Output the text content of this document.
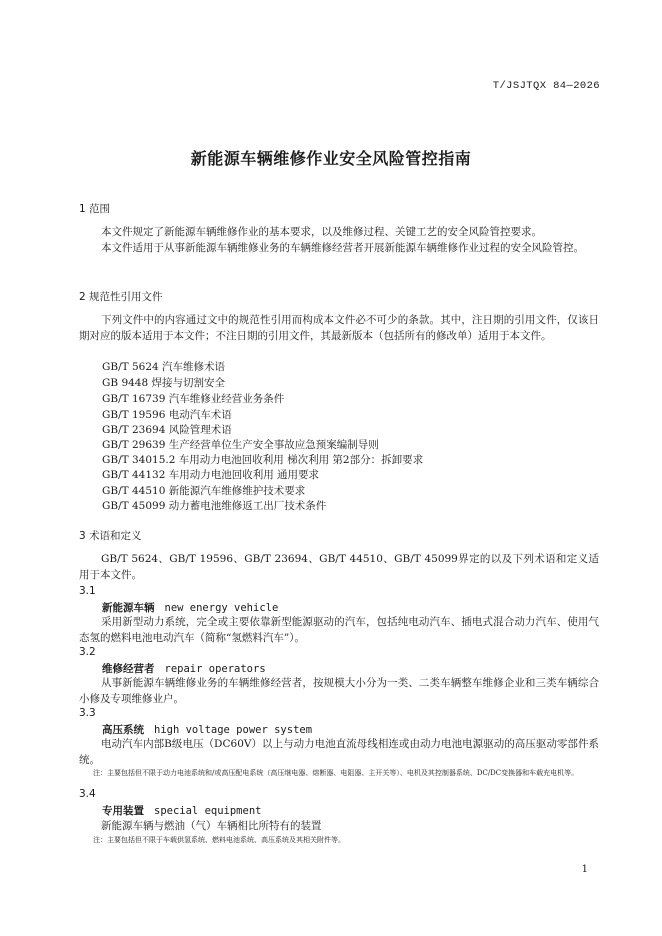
T/JSJTQX 84—2026
新能源车辆维修作业安全风险管控指南
1 范围
本文件规定了新能源车辆维修作业的基本要求，以及维修过程、关键工艺的安全风险管控要求。
本文件适用于从事新能源车辆维修业务的车辆维修经营者开展新能源车辆维修作业过程的安全风险管控。
2 规范性引用文件
下列文件中的内容通过文中的规范性引用而构成本文件必不可少的条款。其中，注日期的引用文件，仅该日期对应的版本适用于本文件；不注日期的引用文件，其最新版本（包括所有的修改单）适用于本文件。
GB/T 5624 汽车维修术语
GB 9448 焊接与切割安全
GB/T 16739 汽车维修业经营业务条件
GB/T 19596 电动汽车术语
GB/T 23694 风险管理术语
GB/T 29639 生产经营单位生产安全事故应急预案编制导则
GB/T 34015.2 车用动力电池回收利用 梯次利用 第2部分：拆卸要求
GB/T 44132 车用动力电池回收利用 通用要求
GB/T 44510 新能源汽车维修维护技术要求
GB/T 45099 动力蓄电池维修返工出厂技术条件
3 术语和定义
GB/T 5624、GB/T 19596、GB/T 23694、GB/T 44510、GB/T 45099界定的以及下列术语和定义适用于本文件。
3.1
新能源车辆 new energy vehicle
采用新型动力系统，完全或主要依靠新型能源驱动的汽车，包括纯电动汽车、插电式混合动力汽车、使用气态氢的燃料电池电动汽车（简称“氢燃料汽车”）。
3.2
维修经营者 repair operators
从事新能源车辆维修业务的车辆维修经营者，按规模大小分为一类、二类车辆整车维修企业和三类车辆综合小修及专项维修业户。
3.3
高压系统 high voltage power system
电动汽车内部B级电压（DC60V）以上与动力电池直流母线相连或由动力电池电源驱动的高压驱动零部件系统。
注：主要包括但不限于动力电池系统和/或高压配电系统（高压继电器、熔断器、电阻器、主开关等）、电机及其控制器系统、DC/DC变换器和车载充电机等。
3.4
专用装置 special equipment
新能源车辆与燃油（气）车辆相比所特有的装置
注：主要包括但不限于车载供氢系统、燃料电池系统、高压系统及其相关附件等。
1
